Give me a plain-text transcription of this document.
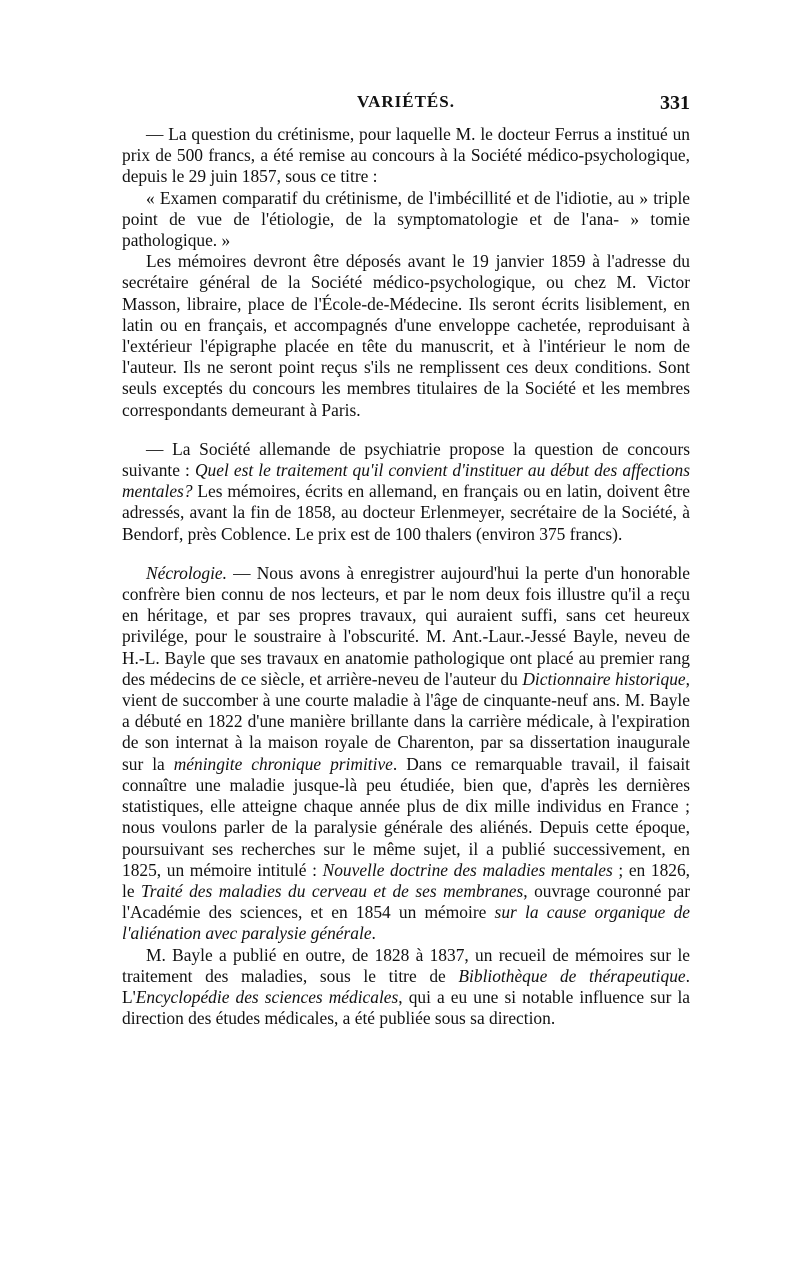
VARIÉTÉS.	331

— La question du crétinisme, pour laquelle M. le docteur Ferrus a institué un prix de 500 francs, a été remise au concours à la Société médico-psychologique, depuis le 29 juin 1857, sous ce titre :

« Examen comparatif du crétinisme, de l'imbécillité et de l'idiotie, au » triple point de vue de l'étiologie, de la symptomatologie et de l'ana- » tomie pathologique. »

Les mémoires devront être déposés avant le 19 janvier 1859 à l'adresse du secrétaire général de la Société médico-psychologique, ou chez M. Victor Masson, libraire, place de l'École-de-Médecine. Ils seront écrits lisiblement, en latin ou en français, et accompagnés d'une enveloppe cachetée, reproduisant à l'extérieur l'épigraphe placée en tête du manuscrit, et à l'intérieur le nom de l'auteur. Ils ne seront point reçus s'ils ne remplissent ces deux conditions. Sont seuls exceptés du concours les membres titulaires de la Société et les membres correspondants demeurant à Paris.

— La Société allemande de psychiatrie propose la question de concours suivante : Quel est le traitement qu'il convient d'instituer au début des affections mentales? Les mémoires, écrits en allemand, en français ou en latin, doivent être adressés, avant la fin de 1858, au docteur Erlenmeyer, secrétaire de la Société, à Bendorf, près Coblence. Le prix est de 100 thalers (environ 375 francs).

Nécrologie. — Nous avons à enregistrer aujourd'hui la perte d'un honorable confrère bien connu de nos lecteurs, et par le nom deux fois illustre qu'il a reçu en héritage, et par ses propres travaux, qui auraient suffi, sans cet heureux privilége, pour le soustraire à l'obscurité. M. Ant.-Laur.-Jessé Bayle, neveu de H.-L. Bayle que ses travaux en anatomie pathologique ont placé au premier rang des médecins de ce siècle, et arrière-neveu de l'auteur du Dictionnaire historique, vient de succomber à une courte maladie à l'âge de cinquante-neuf ans. M. Bayle a débuté en 1822 d'une manière brillante dans la carrière médicale, à l'expiration de son internat à la maison royale de Charenton, par sa dissertation inaugurale sur la méningite chronique primitive. Dans ce remarquable travail, il faisait connaître une maladie jusque-là peu étudiée, bien que, d'après les dernières statistiques, elle atteigne chaque année plus de dix mille individus en France ; nous voulons parler de la paralysie générale des aliénés. Depuis cette époque, poursuivant ses recherches sur le même sujet, il a publié successivement, en 1825, un mémoire intitulé : Nouvelle doctrine des maladies mentales ; en 1826, le Traité des maladies du cerveau et de ses membranes, ouvrage couronné par l'Académie des sciences, et en 1854 un mémoire sur la cause organique de l'aliénation avec paralysie générale.

M. Bayle a publié en outre, de 1828 à 1837, un recueil de mémoires sur le traitement des maladies, sous le titre de Bibliothèque de thérapeutique. L'Encyclopédie des sciences médicales, qui a eu une si notable influence sur la direction des études médicales, a été publiée sous sa direction.
